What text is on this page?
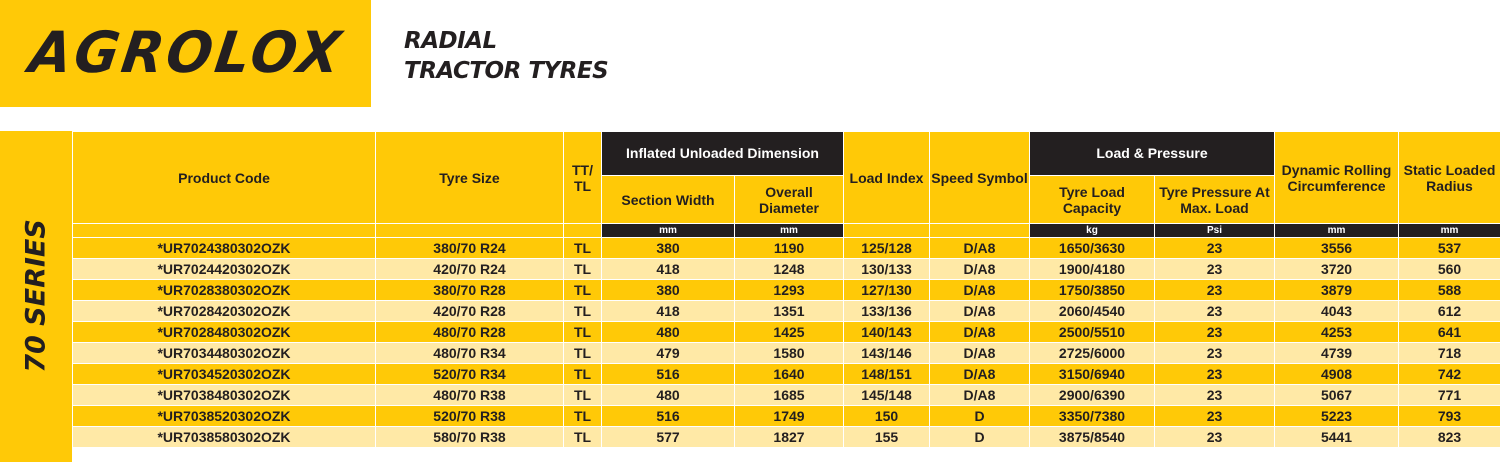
AGROLOX RADIAL
TRACTOR TYRES
70 SERIES
Product Code	Tyre Size	TT/ TL	Inflated Unloaded Dimension		Load Index	Speed Symbol	Load & Pressure		Dynamic Rolling Circumference	Static Loaded Radius
			Section Width	Overall Diameter			Tyre Load Capacity	Tyre Pressure At Max. Load		
			mm	mm			kg	Psi	mm	mm
*UR7024380302OZK	380/70 R24	TL	380	1190	125/128	D/A8	1650/3630	23	3556	537
*UR7024420302OZK	420/70 R24	TL	418	1248	130/133	D/A8	1900/4180	23	3720	560
*UR7028380302OZK	380/70 R28	TL	380	1293	127/130	D/A8	1750/3850	23	3879	588
*UR7028420302OZK	420/70 R28	TL	418	1351	133/136	D/A8	2060/4540	23	4043	612
*UR7028480302OZK	480/70 R28	TL	480	1425	140/143	D/A8	2500/5510	23	4253	641
*UR7034480302OZK	480/70 R34	TL	479	1580	143/146	D/A8	2725/6000	23	4739	718
*UR7034520302OZK	520/70 R34	TL	516	1640	148/151	D/A8	3150/6940	23	4908	742
*UR7038480302OZK	480/70 R38	TL	480	1685	145/148	D/A8	2900/6390	23	5067	771
*UR7038520302OZK	520/70 R38	TL	516	1749	150	D	3350/7380	23	5223	793
*UR7038580302OZK	580/70 R38	TL	577	1827	155	D	3875/8540	23	5441	823
